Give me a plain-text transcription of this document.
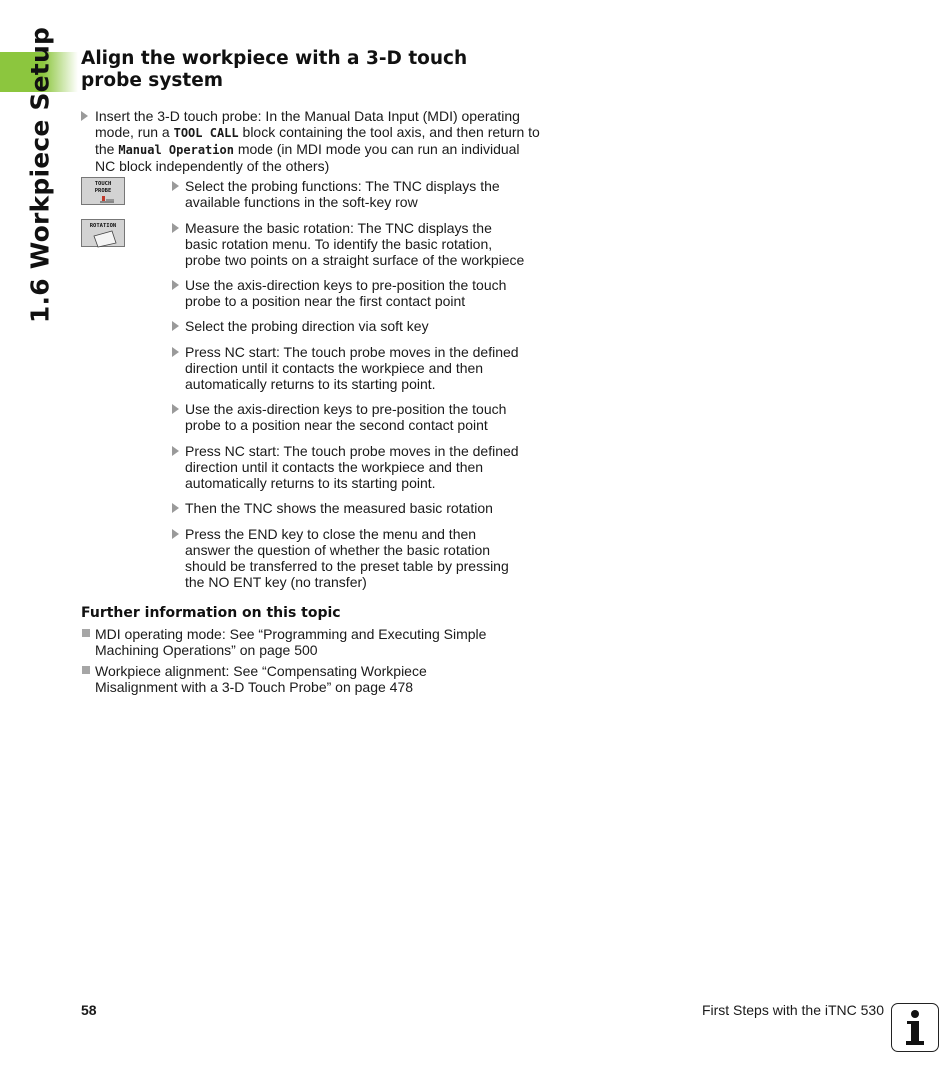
1.6 Workpiece Setup Align the workpiece with a 3-D touch probe system
Insert the 3-D touch probe: In the Manual Data Input (MDI) operating mode, run a TOOL CALL block containing the tool axis, and then return to the Manual Operation mode (in MDI mode you can run an individual NC block independently of the others)
TOUCH
PROBE
ROTATION
Select the probing functions: The TNC displays the available functions in the soft-key row
Measure the basic rotation: The TNC displays the basic rotation menu. To identify the basic rotation, probe two points on a straight surface of the workpiece
Use the axis-direction keys to pre-position the touch probe to a position near the first contact point
Select the probing direction via soft key
Press NC start: The touch probe moves in the defined direction until it contacts the workpiece and then automatically returns to its starting point.
Use the axis-direction keys to pre-position the touch probe to a position near the second contact point
Press NC start: The touch probe moves in the defined direction until it contacts the workpiece and then automatically returns to its starting point.
Then the TNC shows the measured basic rotation
Press the END key to close the menu and then answer the question of whether the basic rotation should be transferred to the preset table by pressing the NO ENT key (no transfer)
Further information on this topic
MDI operating mode: See “Programming and Executing Simple Machining Operations” on page 500
Workpiece alignment: See “Compensating Workpiece Misalignment with a 3-D Touch Probe” on page 478
58	First Steps with the iTNC 530
